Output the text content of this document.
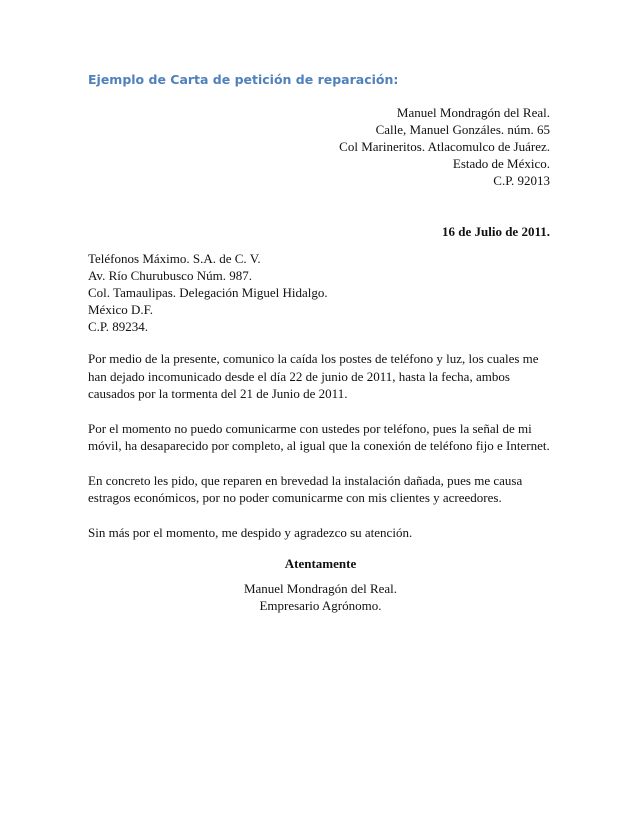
Ejemplo de Carta de petición de reparación:
Manuel Mondragón del Real.
Calle, Manuel Gonzáles. núm. 65
Col Marineritos. Atlacomulco de Juárez.
Estado de México.
C.P. 92013
16 de Julio de 2011.
Teléfonos Máximo. S.A. de C. V.
Av. Río Churubusco Núm. 987.
Col. Tamaulipas. Delegación Miguel Hidalgo.
México D.F.
C.P. 89234.

Por medio de la presente, comunico la caída los postes de teléfono y luz, los cuales me han dejado incomunicado desde el día 22 de junio de 2011, hasta la fecha, ambos causados por la tormenta del 21 de Junio de 2011.

Por el momento no puedo comunicarme con ustedes por teléfono, pues la señal de mi móvil, ha desaparecido por completo, al igual que la conexión de teléfono fijo e Internet.

En concreto les pido, que reparen en brevedad la instalación dañada, pues me causa estragos económicos, por no poder comunicarme con mis clientes y acreedores.

Sin más por el momento, me despido y agradezco su atención.

Atentamente
Manuel Mondragón del Real.
Empresario Agrónomo.
